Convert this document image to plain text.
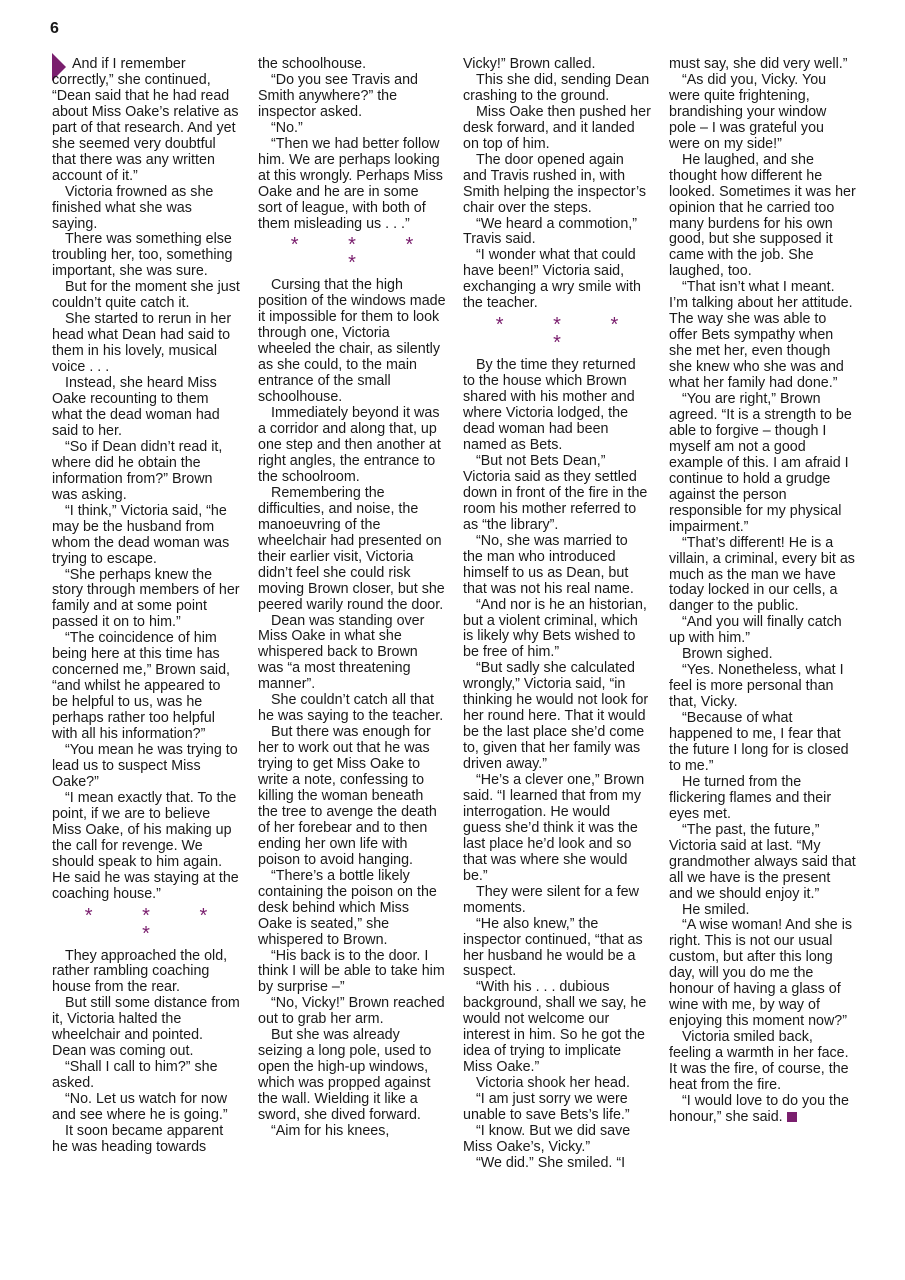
6

And if I remember correctly,” she continued, “Dean said that he had read about Miss Oake’s relative as part of that research. And yet she seemed very doubtful that there was any written account of it.”

Victoria frowned as she finished what she was saying.

There was something else troubling her, too, something important, she was sure.

But for the moment she just couldn’t quite catch it.

She started to rerun in her head what Dean had said to them in his lovely, musical voice . . .

Instead, she heard Miss Oake recounting to them what the dead woman had said to her.

“So if Dean didn’t read it, where did he obtain the information from?” Brown was asking.

“I think,” Victoria said, “he may be the husband from whom the dead woman was trying to escape.

“She perhaps knew the story through members of her family and at some point passed it on to him.”

“The coincidence of him being here at this time has concerned me,” Brown said, “and whilst he appeared to be helpful to us, was he perhaps rather too helpful with all his information?”

“You mean he was trying to lead us to suspect Miss Oake?”

“I mean exactly that. To the point, if we are to believe Miss Oake, of his making up the call for revenge. We should speak to him again. He said he was staying at the coaching house.”

* * * *

They approached the old, rather rambling coaching house from the rear.

But still some distance from it, Victoria halted the wheelchair and pointed. Dean was coming out.

“Shall I call to him?” she asked.

“No. Let us watch for now and see where he is going.”

It soon became apparent he was heading towards

the schoolhouse.

“Do you see Travis and Smith anywhere?” the inspector asked.

“No.”

“Then we had better follow him. We are perhaps looking at this wrongly. Perhaps Miss Oake and he are in some sort of league, with both of them misleading us . . .”

* * * *

Cursing that the high position of the windows made it impossible for them to look through one, Victoria wheeled the chair, as silently as she could, to the main entrance of the small schoolhouse.

Immediately beyond it was a corridor and along that, up one step and then another at right angles, the entrance to the schoolroom.

Remembering the difficulties, and noise, the manoeuvring of the wheelchair had presented on their earlier visit, Victoria didn’t feel she could risk moving Brown closer, but she peered warily round the door.

Dean was standing over Miss Oake in what she whispered back to Brown was “a most threatening manner”.

She couldn’t catch all that he was saying to the teacher.

But there was enough for her to work out that he was trying to get Miss Oake to write a note, confessing to killing the woman beneath the tree to avenge the death of her forebear and to then ending her own life with poison to avoid hanging.

“There’s a bottle likely containing the poison on the desk behind which Miss Oake is seated,” she whispered to Brown.

“His back is to the door. I think I will be able to take him by surprise –”

“No, Vicky!” Brown reached out to grab her arm.

But she was already seizing a long pole, used to open the high-up windows, which was propped against the wall. Wielding it like a sword, she dived forward.

“Aim for his knees,

Vicky!” Brown called.

This she did, sending Dean crashing to the ground.

Miss Oake then pushed her desk forward, and it landed on top of him.

The door opened again and Travis rushed in, with Smith helping the inspector’s chair over the steps.

“We heard a commotion,” Travis said.

“I wonder what that could have been!” Victoria said, exchanging a wry smile with the teacher.

* * * *

By the time they returned to the house which Brown shared with his mother and where Victoria lodged, the dead woman had been named as Bets.

“But not Bets Dean,” Victoria said as they settled down in front of the fire in the room his mother referred to as “the library”.

“No, she was married to the man who introduced himself to us as Dean, but that was not his real name.

“And nor is he an historian, but a violent criminal, which is likely why Bets wished to be free of him.”

“But sadly she calculated wrongly,” Victoria said, “in thinking he would not look for her round here. That it would be the last place she’d come to, given that her family was driven away.”

“He’s a clever one,” Brown said. “I learned that from my interrogation. He would guess she’d think it was the last place he’d look and so that was where she would be.”

They were silent for a few moments.

“He also knew,” the inspector continued, “that as her husband he would be a suspect.

“With his . . . dubious background, shall we say, he would not welcome our interest in him. So he got the idea of trying to implicate Miss Oake.”

Victoria shook her head.

“I am just sorry we were unable to save Bets’s life.”

“I know. But we did save Miss Oake’s, Vicky.”

“We did.” She smiled. “I

must say, she did very well.”

“As did you, Vicky. You were quite frightening, brandishing your window pole – I was grateful you were on my side!”

He laughed, and she thought how different he looked. Sometimes it was her opinion that he carried too many burdens for his own good, but she supposed it came with the job. She laughed, too.

“That isn’t what I meant. I’m talking about her attitude. The way she was able to offer Bets sympathy when she met her, even though she knew who she was and what her family had done.”

“You are right,” Brown agreed. “It is a strength to be able to forgive – though I myself am not a good example of this. I am afraid I continue to hold a grudge against the person responsible for my physical impairment.”

“That’s different! He is a villain, a criminal, every bit as much as the man we have today locked in our cells, a danger to the public.

“And you will finally catch up with him.”

Brown sighed.

“Yes. Nonetheless, what I feel is more personal than that, Vicky.

“Because of what happened to me, I fear that the future I long for is closed to me.”

He turned from the flickering flames and their eyes met.

“The past, the future,” Victoria said at last. “My grandmother always said that all we have is the present and we should enjoy it.”

He smiled.

“A wise woman! And she is right. This is not our usual custom, but after this long day, will you do me the honour of having a glass of wine with me, by way of enjoying this moment now?”

Victoria smiled back, feeling a warmth in her face. It was the fire, of course, the heat from the fire.

“I would love to do you the honour,” she said.
